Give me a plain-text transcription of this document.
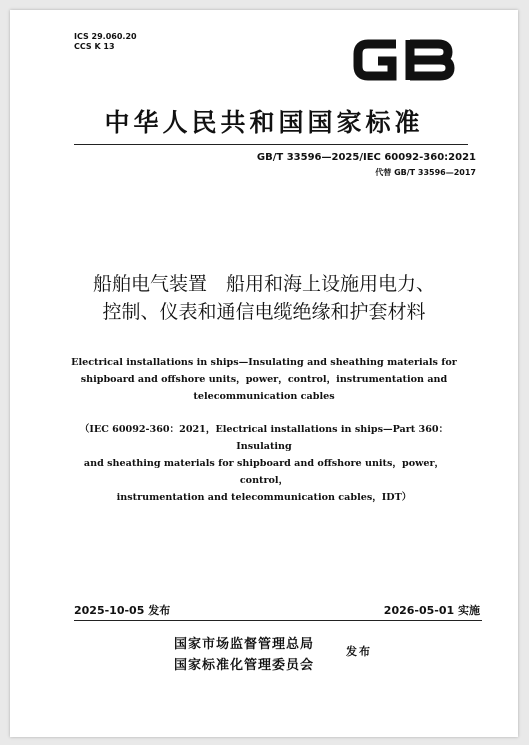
ICS 29.060.20
CCS K 13
中华人民共和国国家标准
GB/T 33596—2025/IEC 60092-360:2021
代替 GB/T 33596—2017
船舶电气装置　船用和海上设施用电力、
控制、仪表和通信电缆绝缘和护套材料
Electrical installations in ships—Insulating and sheathing materials for
shipboard and offshore units，power，control，instrumentation and
telecommunication cables
（IEC 60092-360：2021，Electrical installations in ships—Part 360：Insulating
and sheathing materials for shipboard and offshore units，power，control，
instrumentation and telecommunication cables，IDT）
2025-10-05 发布	2026-05-01 实施
国家市场监督管理总局
国家标准化管理委员会
发布
